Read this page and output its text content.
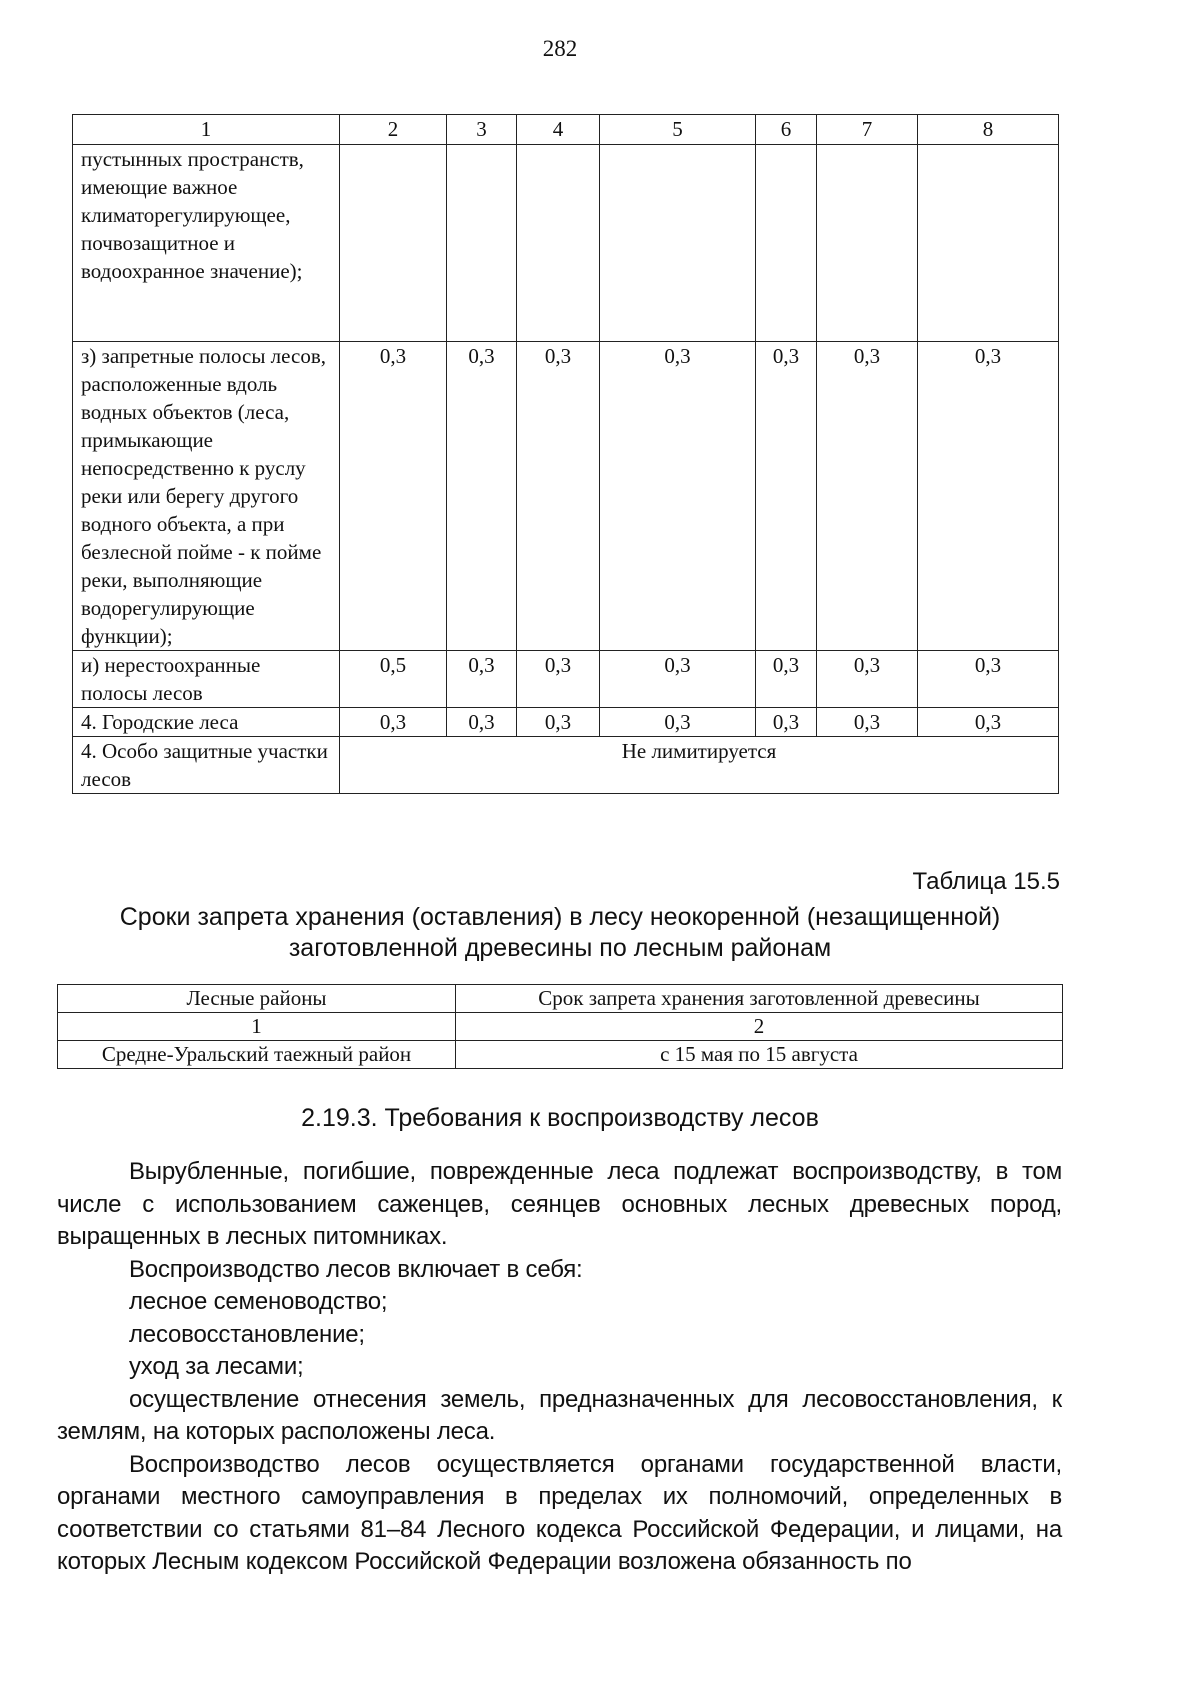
282
1	2	3	4	5	6	7	8
пустынных пространств, имеющие важное климаторегулирующее, почвозащитное и водоохранное значение);							
з) запретные полосы лесов, расположенные вдоль водных объектов (леса, примыкающие непосредственно к руслу реки или берегу другого водного объекта, а при безлесной пойме - к пойме реки, выполняющие водорегулирующие функции);	0,3	0,3	0,3	0,3	0,3	0,3	0,3
и) нерестоохранные полосы лесов	0,5	0,3	0,3	0,3	0,3	0,3	0,3
4. Городские леса	0,3	0,3	0,3	0,3	0,3	0,3	0,3
4. Особо защитные участки лесов	Не лимитируется						
Таблица 15.5
Сроки запрета хранения (оставления) в лесу неокоренной (незащищенной) заготовленной древесины по лесным районам
Лесные районы	Срок запрета хранения заготовленной древесины
1	2
Средне-Уральский таежный район	с 15 мая по 15 августа
2.19.3. Требования к воспроизводству лесов

Вырубленные, погибшие, поврежденные леса подлежат воспроизводству, в том числе с использованием саженцев, сеянцев основных лесных древесных пород, выращенных в лесных питомниках.

Воспроизводство лесов включает в себя:

лесное семеноводство;

лесовосстановление;

уход за лесами;

осуществление отнесения земель, предназначенных для лесовосстановления, к землям, на которых расположены леса.

Воспроизводство лесов осуществляется органами государственной власти, органами местного самоуправления в пределах их полномочий, определенных в соответствии со статьями 81–84 Лесного кодекса Российской Федерации, и лицами, на которых Лесным кодексом Российской Федерации возложена обязанность по
